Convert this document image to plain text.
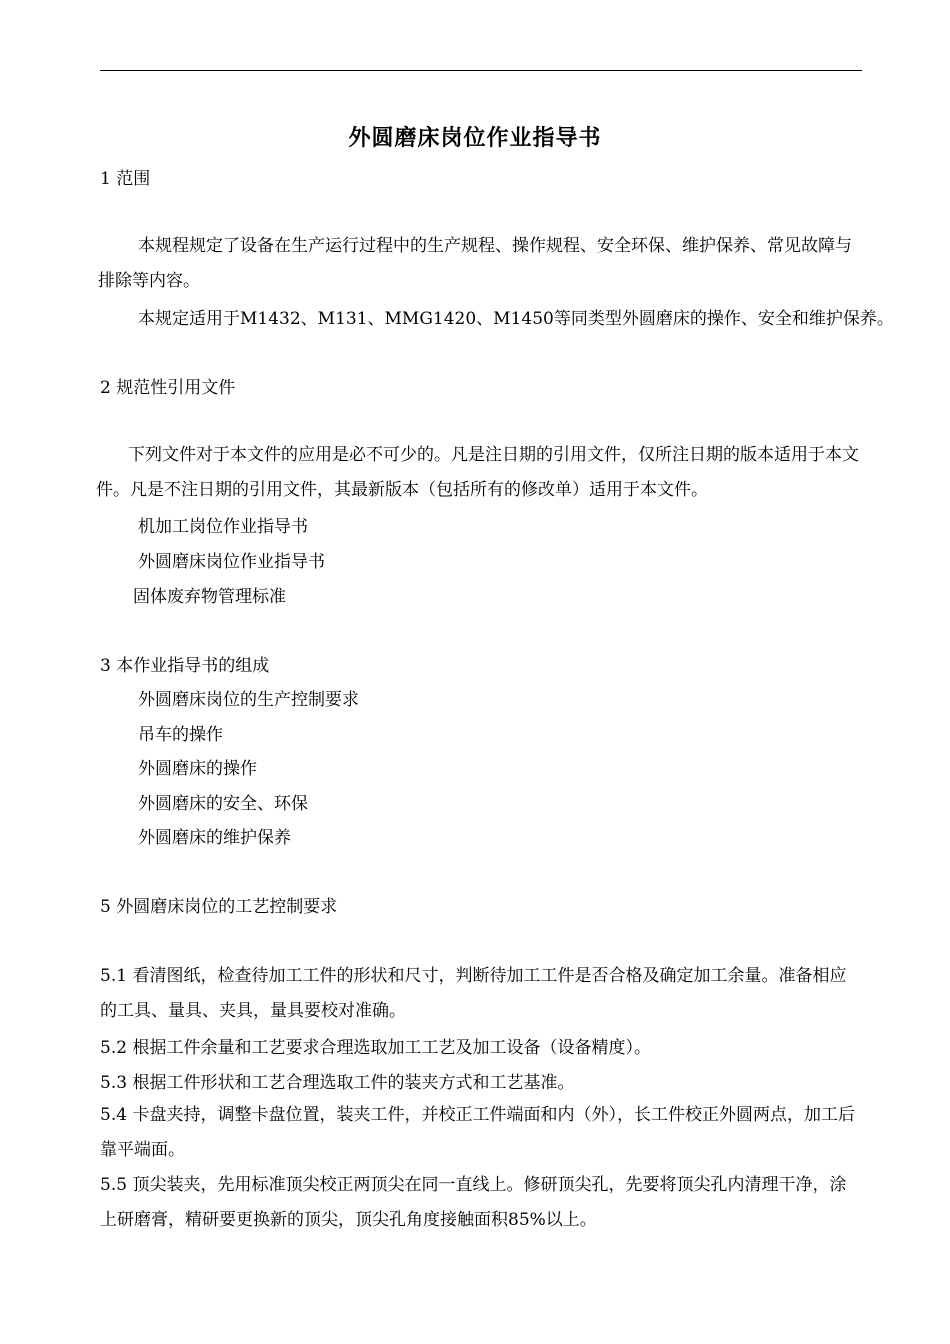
外圆磨床岗位作业指导书
1 范围
本规程规定了设备在生产运行过程中的生产规程、操作规程、安全环保、维护保养、常见故障与排除等内容。
本规定适用于M1432、M131、MMG1420、M1450等同类型外圆磨床的操作、安全和维护保养。
2 规范性引用文件
下列文件对于本文件的应用是必不可少的。凡是注日期的引用文件，仅所注日期的版本适用于本文件。凡是不注日期的引用文件，其最新版本（包括所有的修改单）适用于本文件。
机加工岗位作业指导书
外圆磨床岗位作业指导书
固体废弃物管理标准
3 本作业指导书的组成
外圆磨床岗位的生产控制要求
吊车的操作
外圆磨床的操作
外圆磨床的安全、环保
外圆磨床的维护保养
5 外圆磨床岗位的工艺控制要求
5.1 看清图纸，检查待加工工件的形状和尺寸，判断待加工工件是否合格及确定加工余量。准备相应的工具、量具、夹具，量具要校对准确。
5.2 根据工件余量和工艺要求合理选取加工工艺及加工设备（设备精度）。
5.3 根据工件形状和工艺合理选取工件的装夹方式和工艺基准。
5.4 卡盘夹持，调整卡盘位置，装夹工件，并校正工件端面和内（外），长工件校正外圆两点，加工后靠平端面。
5.5 顶尖装夹，先用标准顶尖校正两顶尖在同一直线上。修研顶尖孔，先要将顶尖孔内清理干净，涂上研磨膏，精研要更换新的顶尖，顶尖孔角度接触面积85%以上。
